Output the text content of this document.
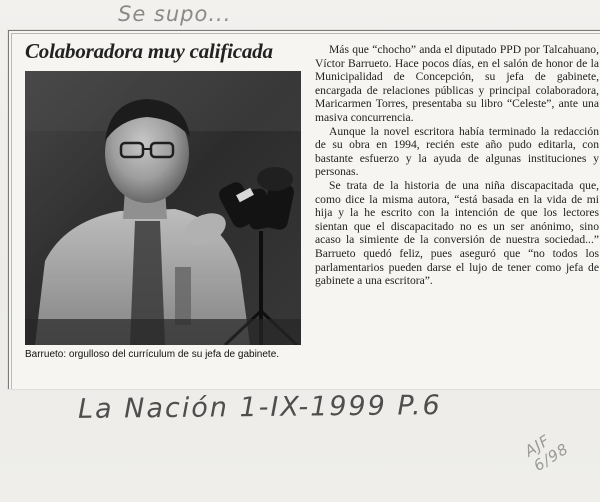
Se supo...
Colaboradora muy calificada

Barrueto: orgulloso del currículum de su jefa de gabinete.

Más que “chocho” anda el diputado PPD por Talcahuano, Víctor Barrueto. Hace pocos días, en el salón de honor de la Municipalidad de Concepción, su jefa de gabinete, encargada de relaciones públicas y principal colaboradora, Maricarmen Torres, presentaba su libro “Celeste”, ante una masiva concurrencia.

Aunque la novel escritora había terminado la redacción de su obra en 1994, recién este año pudo editarla, con bastante esfuerzo y la ayuda de algunas instituciones y personas.

Se trata de la historia de una niña discapacitada que, como dice la misma autora, “está basada en la vida de mi hija y la he escrito con la intención de que los lectores sientan que el discapacitado no es un ser anónimo, sino acaso la simiente de la conversión de nuestra sociedad...” Barrueto quedó feliz, pues aseguró que “no todos los parlamentarios pueden darse el lujo de tener como jefa de gabinete a una escritora”.

La Nación 1-IX-1999 P.6
AJF
6/98
